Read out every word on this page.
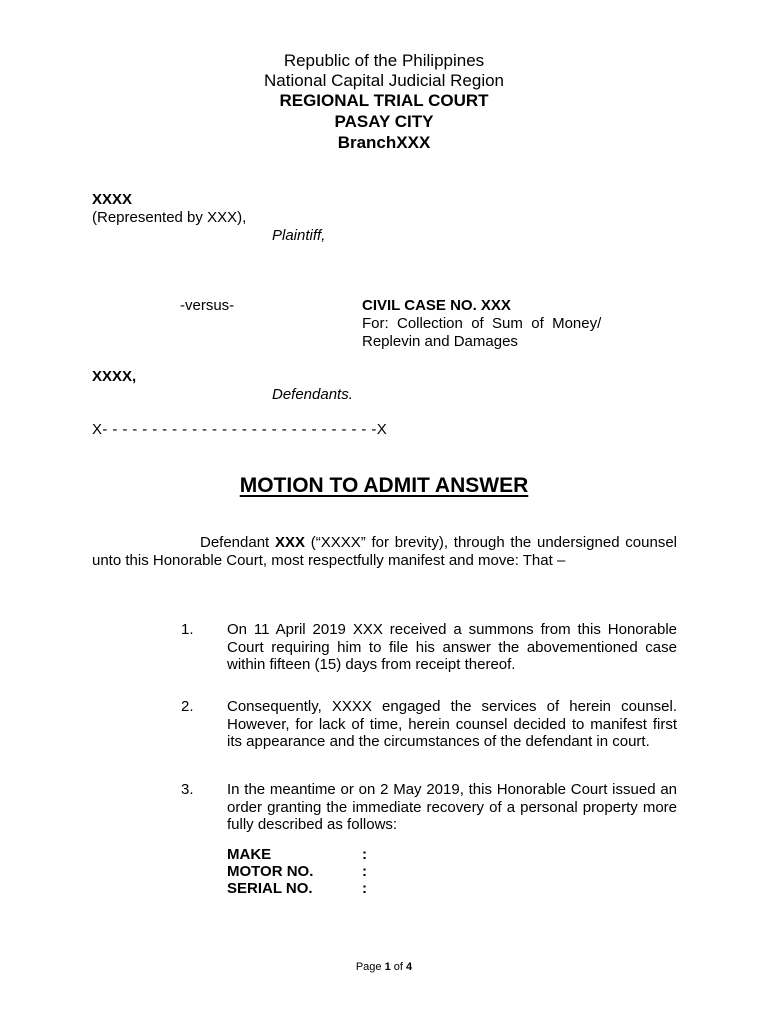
Republic of the Philippines
National Capital Judicial Region
REGIONAL TRIAL COURT
PASAY CITY
BranchXXX
XXXX
(Represented by XXX),
Plaintiff,
-versus-	CIVIL CASE NO. XXX
For:  Collection  of  Sum  of  Money/
Replevin and Damages
XXXX,
Defendants.
X- - - - - - - - - - - - - - - - - - - - - - - - - - - -X
MOTION TO ADMIT ANSWER
Defendant XXX (“XXXX” for brevity), through the undersigned counsel unto this Honorable Court, most respectfully manifest and move: That –
1. On 11 April 2019 XXX received a summons from this Honorable Court requiring him to file his answer the abovementioned case within fifteen (15) days from receipt thereof.
2. Consequently, XXXX engaged the services of herein counsel. However, for lack of time, herein counsel decided to manifest first its appearance and the circumstances of the defendant in court.
3. In the meantime or on 2 May 2019, this Honorable Court issued an order granting the immediate recovery of a personal property more fully described as follows:
MAKE	:
MOTOR NO.	:
SERIAL NO.	:
Page 1 of 4
